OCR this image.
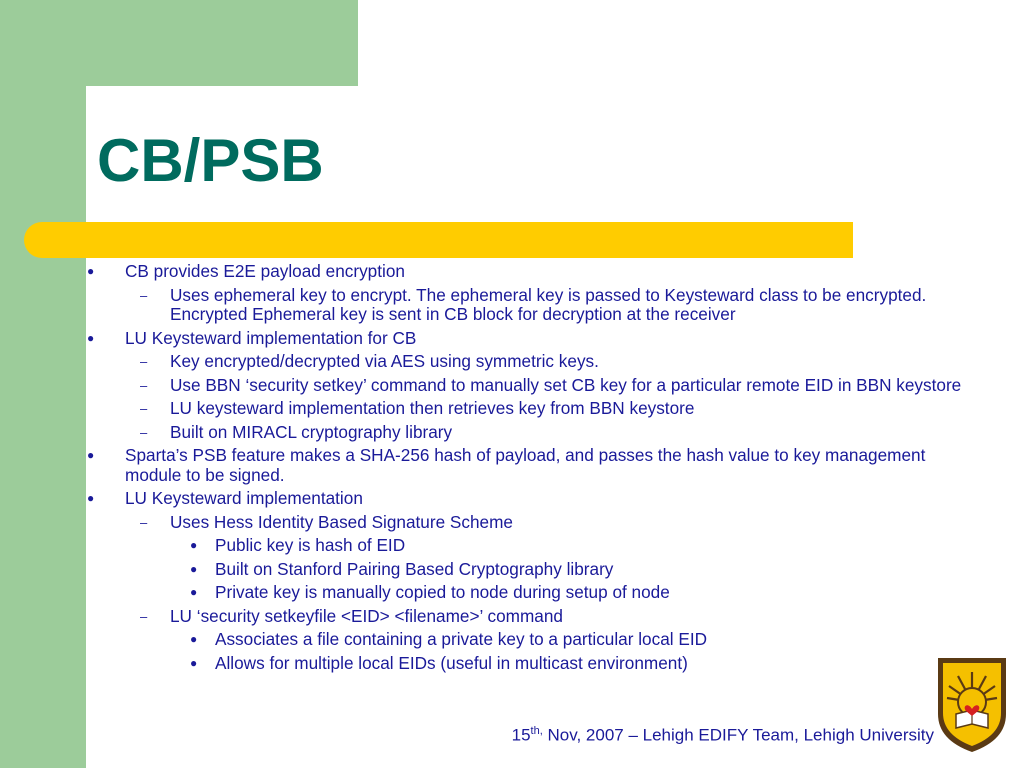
CB/PSB
● CB provides E2E payload encryption
– Uses ephemeral key to encrypt. The ephemeral key is passed to Keysteward class to be encrypted. Encrypted Ephemeral key is sent in CB block for decryption at the receiver
● LU Keysteward implementation for CB
– Key encrypted/decrypted via AES using symmetric keys.
– Use BBN ‘security setkey’ command to manually set CB key for a particular remote EID in BBN keystore
– LU keysteward implementation then retrieves key from BBN keystore
– Built on MIRACL cryptography library
● Sparta’s PSB feature makes a SHA-256 hash of payload, and passes the hash value to key management module to be signed.
● LU Keysteward implementation
– Uses Hess Identity Based Signature Scheme
● Public key is hash of EID
● Built on Stanford Pairing Based Cryptography library
● Private key is manually copied to node during setup of node
– LU ‘security setkeyfile <EID> <filename>’ command
● Associates a file containing a private key to a particular local EID
● Allows for multiple local EIDs (useful in multicast environment)
$15^{th,}$ Nov, 2007 – Lehigh EDIFY Team, Lehigh University
